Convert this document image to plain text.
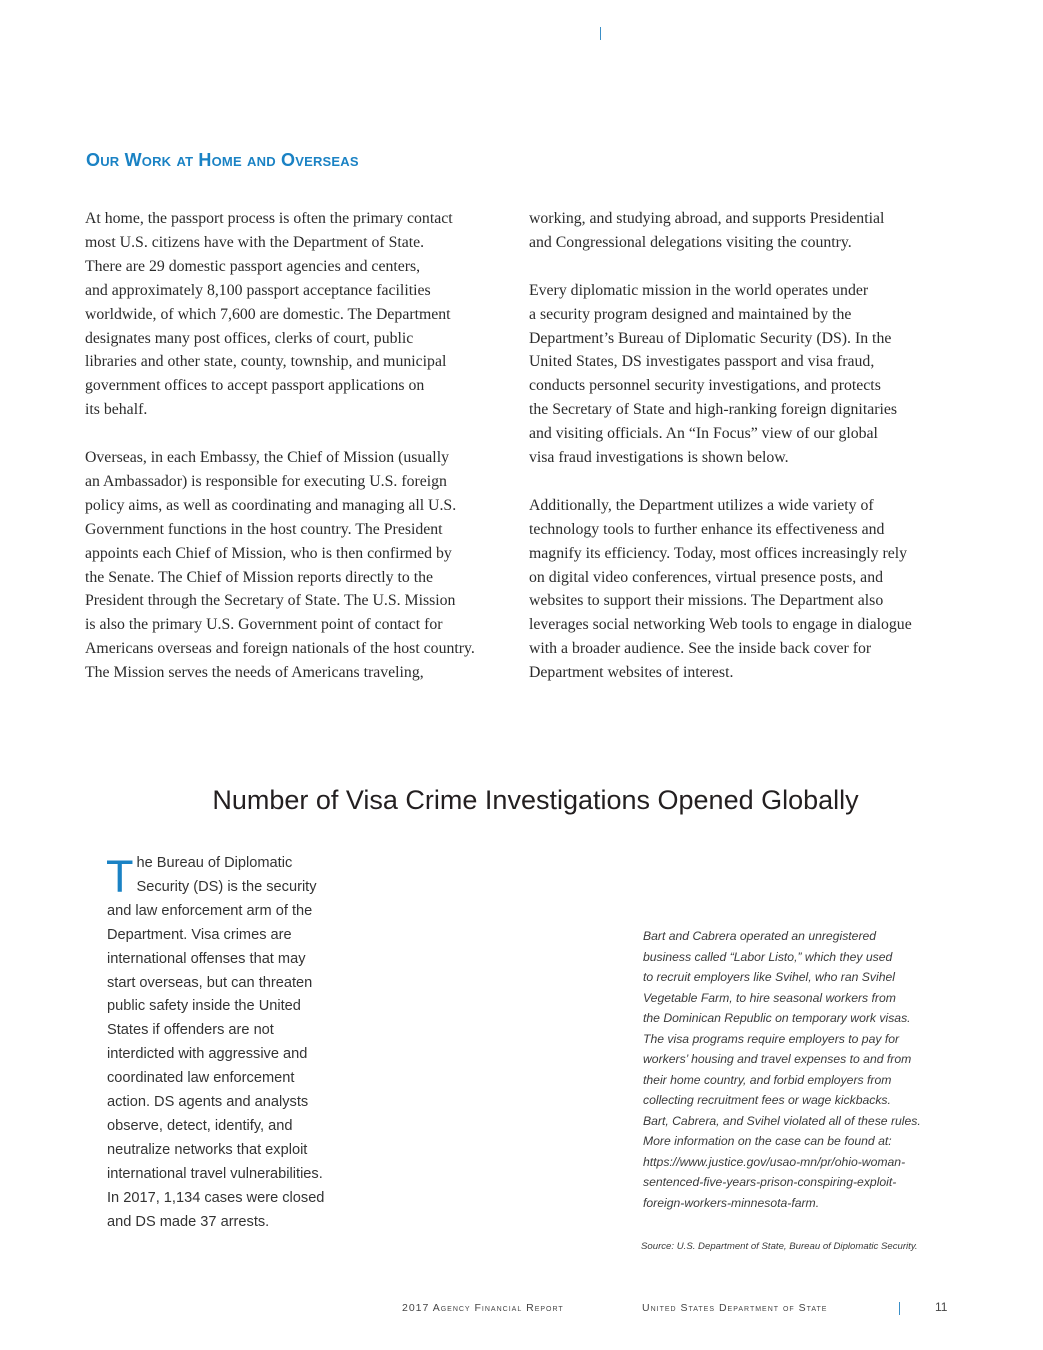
Our Work at Home and Overseas

At home, the passport process is often the primary contact
most U.S. citizens have with the Department of State.
There are 29 domestic passport agencies and centers,
and approximately 8,100 passport acceptance facilities
worldwide, of which 7,600 are domestic. The Department
designates many post offices, clerks of court, public
libraries and other state, county, township, and municipal
government offices to accept passport applications on
its behalf.

Overseas, in each Embassy, the Chief of Mission (usually
an Ambassador) is responsible for executing U.S. foreign
policy aims, as well as coordinating and managing all U.S.
Government functions in the host country. The President
appoints each Chief of Mission, who is then confirmed by
the Senate. The Chief of Mission reports directly to the
President through the Secretary of State. The U.S. Mission
is also the primary U.S. Government point of contact for
Americans overseas and foreign nationals of the host country.
The Mission serves the needs of Americans traveling,

working, and studying abroad, and supports Presidential
and Congressional delegations visiting the country.

Every diplomatic mission in the world operates under
a security program designed and maintained by the
Department’s Bureau of Diplomatic Security (DS). In the
United States, DS investigates passport and visa fraud,
conducts personnel security investigations, and protects
the Secretary of State and high-ranking foreign dignitaries
and visiting officials. An “In Focus” view of our global
visa fraud investigations is shown below.

Additionally, the Department utilizes a wide variety of
technology tools to further enhance its effectiveness and
magnify its efficiency. Today, most offices increasingly rely
on digital video conferences, virtual presence posts, and
websites to support their missions. The Department also
leverages social networking Web tools to engage in dialogue
with a broader audience. See the inside back cover for
Department websites of interest.

Number of Visa Crime Investigations Opened Globally
The Bureau of Diplomatic
Security (DS) is the security
and law enforcement arm of the
Department. Visa crimes are
international offenses that may
start overseas, but can threaten
public safety inside the United
States if offenders are not
interdicted with aggressive and
coordinated law enforcement
action. DS agents and analysts
observe, detect, identify, and
neutralize networks that exploit
international travel vulnerabilities.
In 2017, 1,134 cases were closed
and DS made 37 arrests.
Bart and Cabrera operated an unregistered
business called “Labor Listo,” which they used
to recruit employers like Svihel, who ran Svihel
Vegetable Farm, to hire seasonal workers from
the Dominican Republic on temporary work visas.
The visa programs require employers to pay for
workers’ housing and travel expenses to and from
their home country, and forbid employers from
collecting recruitment fees or wage kickbacks.
Bart, Cabrera, and Svihel violated all of these rules.
More information on the case can be found at:
https://www.justice.gov/usao-mn/pr/ohio-woman-
sentenced-five-years-prison-conspiring-exploit-
foreign-workers-minnesota-farm.
Source: U.S. Department of State, Bureau of Diplomatic Security.
2017 Agency Financial Report	United States Department of State	11
